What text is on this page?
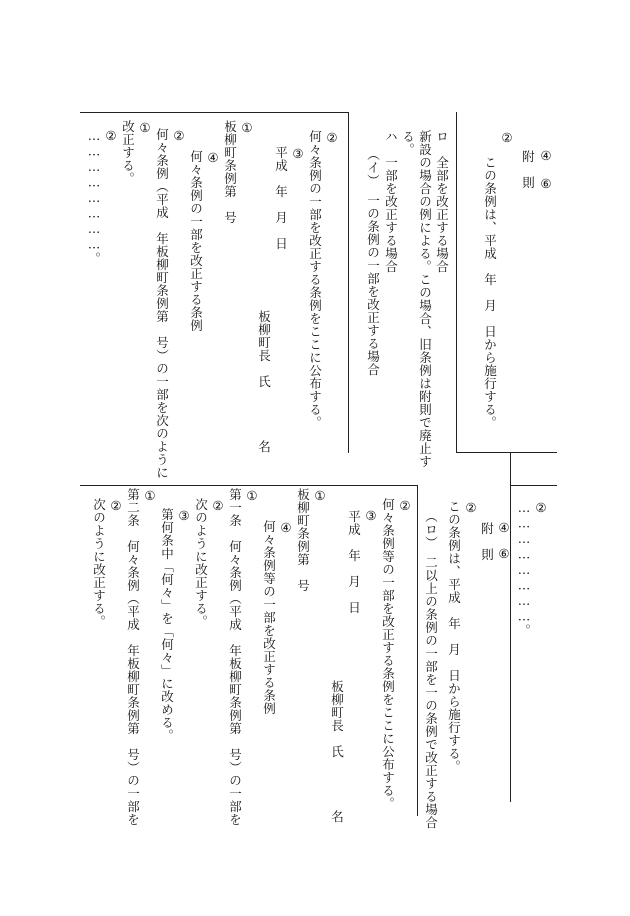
②
この条例は、平成　年　月　日から施行する。
④
附　則 ⑥
ロ　全部を改正する場合
新設の場合の例による。この場合、旧条例は附則で廃止す
る。
ハ　一部を改正する場合
（イ）　一の条例の一部を改正する場合
②
何々条例の一部を改正する条例をここに公布する。
③
平成　年　月　日
板柳町長　氏
名
①
板柳町条例第　号
④
何々条例の一部を改正する条例
②
何々条例（平成　年板柳町条例第　号）の一部を次のように
①
改正する。
②
……………………。
②
……………………。
②
この条例は、平成　年　月　日から施行する。	④
附　則 ⑥
（ロ）　二以上の条例の一部を一の条例で改正する場合
②
何々条例等の一部を改正する条例をここに公布する。
③
平成　年　月　日
板柳町長　氏
名
①
板柳町条例第　号
④
何々条例等の一部を改正する条例
①
第一条　何々条例（平成　年板柳町条例第　号）の一部を
②
次のように改正する。
③
第何条中「何々」を「何々」に改める。
①
第二条　何々条例（平成　年板柳町条例第　号）の一部を
②
次のように改正する。
